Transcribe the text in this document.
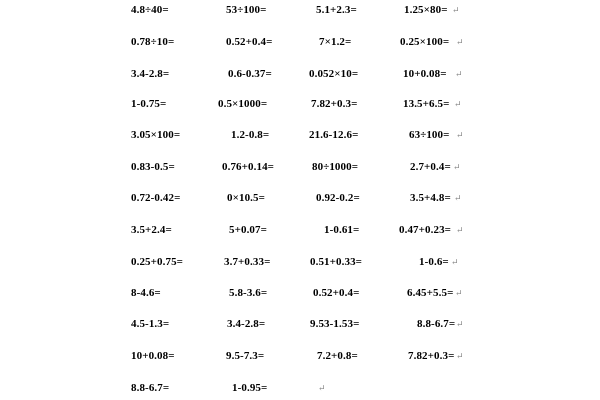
4.8÷40=	53÷100=	5.1+2.3=	1.25×80= ↵
0.78÷10=	0.52+0.4=	7×1.2=	0.25×100= ↵
3.4-2.8=	0.6-0.37=	0.052×10=	10+0.08= ↵
1-0.75=	0.5×1000=	7.82+0.3=	13.5+6.5= ↵
3.05×100=	1.2-0.8=	21.6-12.6=	63÷100= ↵
0.83-0.5=	0.76+0.14=	80÷1000=	2.7+0.4= ↵
0.72-0.42=	0×10.5=	0.92-0.2=	3.5+4.8= ↵
3.5+2.4=	5+0.07=	1-0.61=	0.47+0.23= ↵
0.25+0.75=	3.7+0.33=	0.51+0.33=	1-0.6= ↵
8-4.6=	5.8-3.6=	0.52+0.4=	6.45+5.5= ↵
4.5-1.3=	3.4-2.8=	9.53-1.53=	8.8-6.7= ↵
10+0.08=	9.5-7.3=	7.2+0.8=	7.82+0.3= ↵
8.8-6.7=	1-0.95=	↵
